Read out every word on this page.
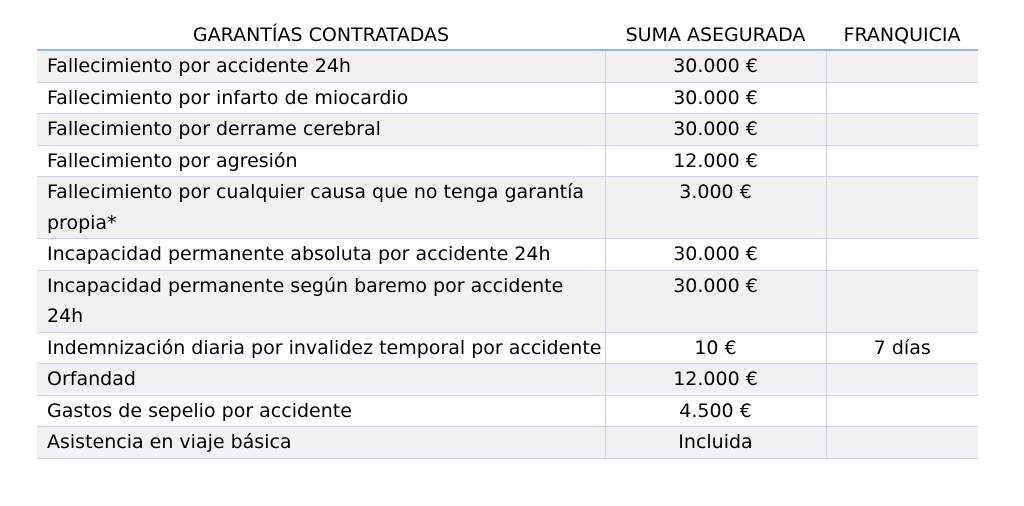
GARANTÍAS CONTRATADAS	SUMA ASEGURADA	FRANQUICIA
Fallecimiento por accidente 24h	30.000 €	
Fallecimiento por infarto de miocardio	30.000 €	
Fallecimiento por derrame cerebral	30.000 €	
Fallecimiento por agresión	12.000 €	
Fallecimiento por cualquier causa que no tenga garantía propia*	3.000 €	
Incapacidad permanente absoluta por accidente 24h	30.000 €	
Incapacidad permanente según baremo por accidente 24h	30.000 €	
Indemnización diaria por invalidez temporal por accidente	10 €	7 días
Orfandad	12.000 €	
Gastos de sepelio por accidente	4.500 €	
Asistencia en viaje básica	Incluida	
